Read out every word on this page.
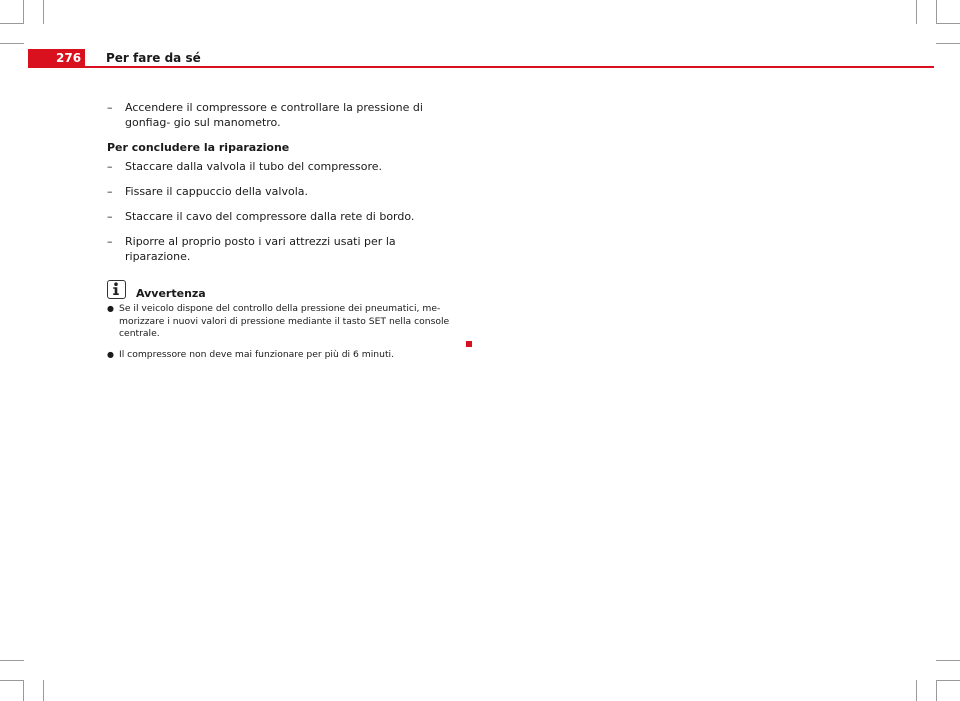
276	Per fare da sé
– Accendere il compressore e controllare la pressione di gonfiag- gio sul manometro.
Per concludere la riparazione
– Staccare dalla valvola il tubo del compressore.
– Fissare il cappuccio della valvola.
– Staccare il cavo del compressore dalla rete di bordo.
– Riporre al proprio posto i vari attrezzi usati per la riparazione.
Avvertenza
● Se il veicolo dispone del controllo della pressione dei pneumatici, me- morizzare i nuovi valori di pressione mediante il tasto SET nella console centrale.
● Il compressore non deve mai funzionare per più di 6 minuti.
